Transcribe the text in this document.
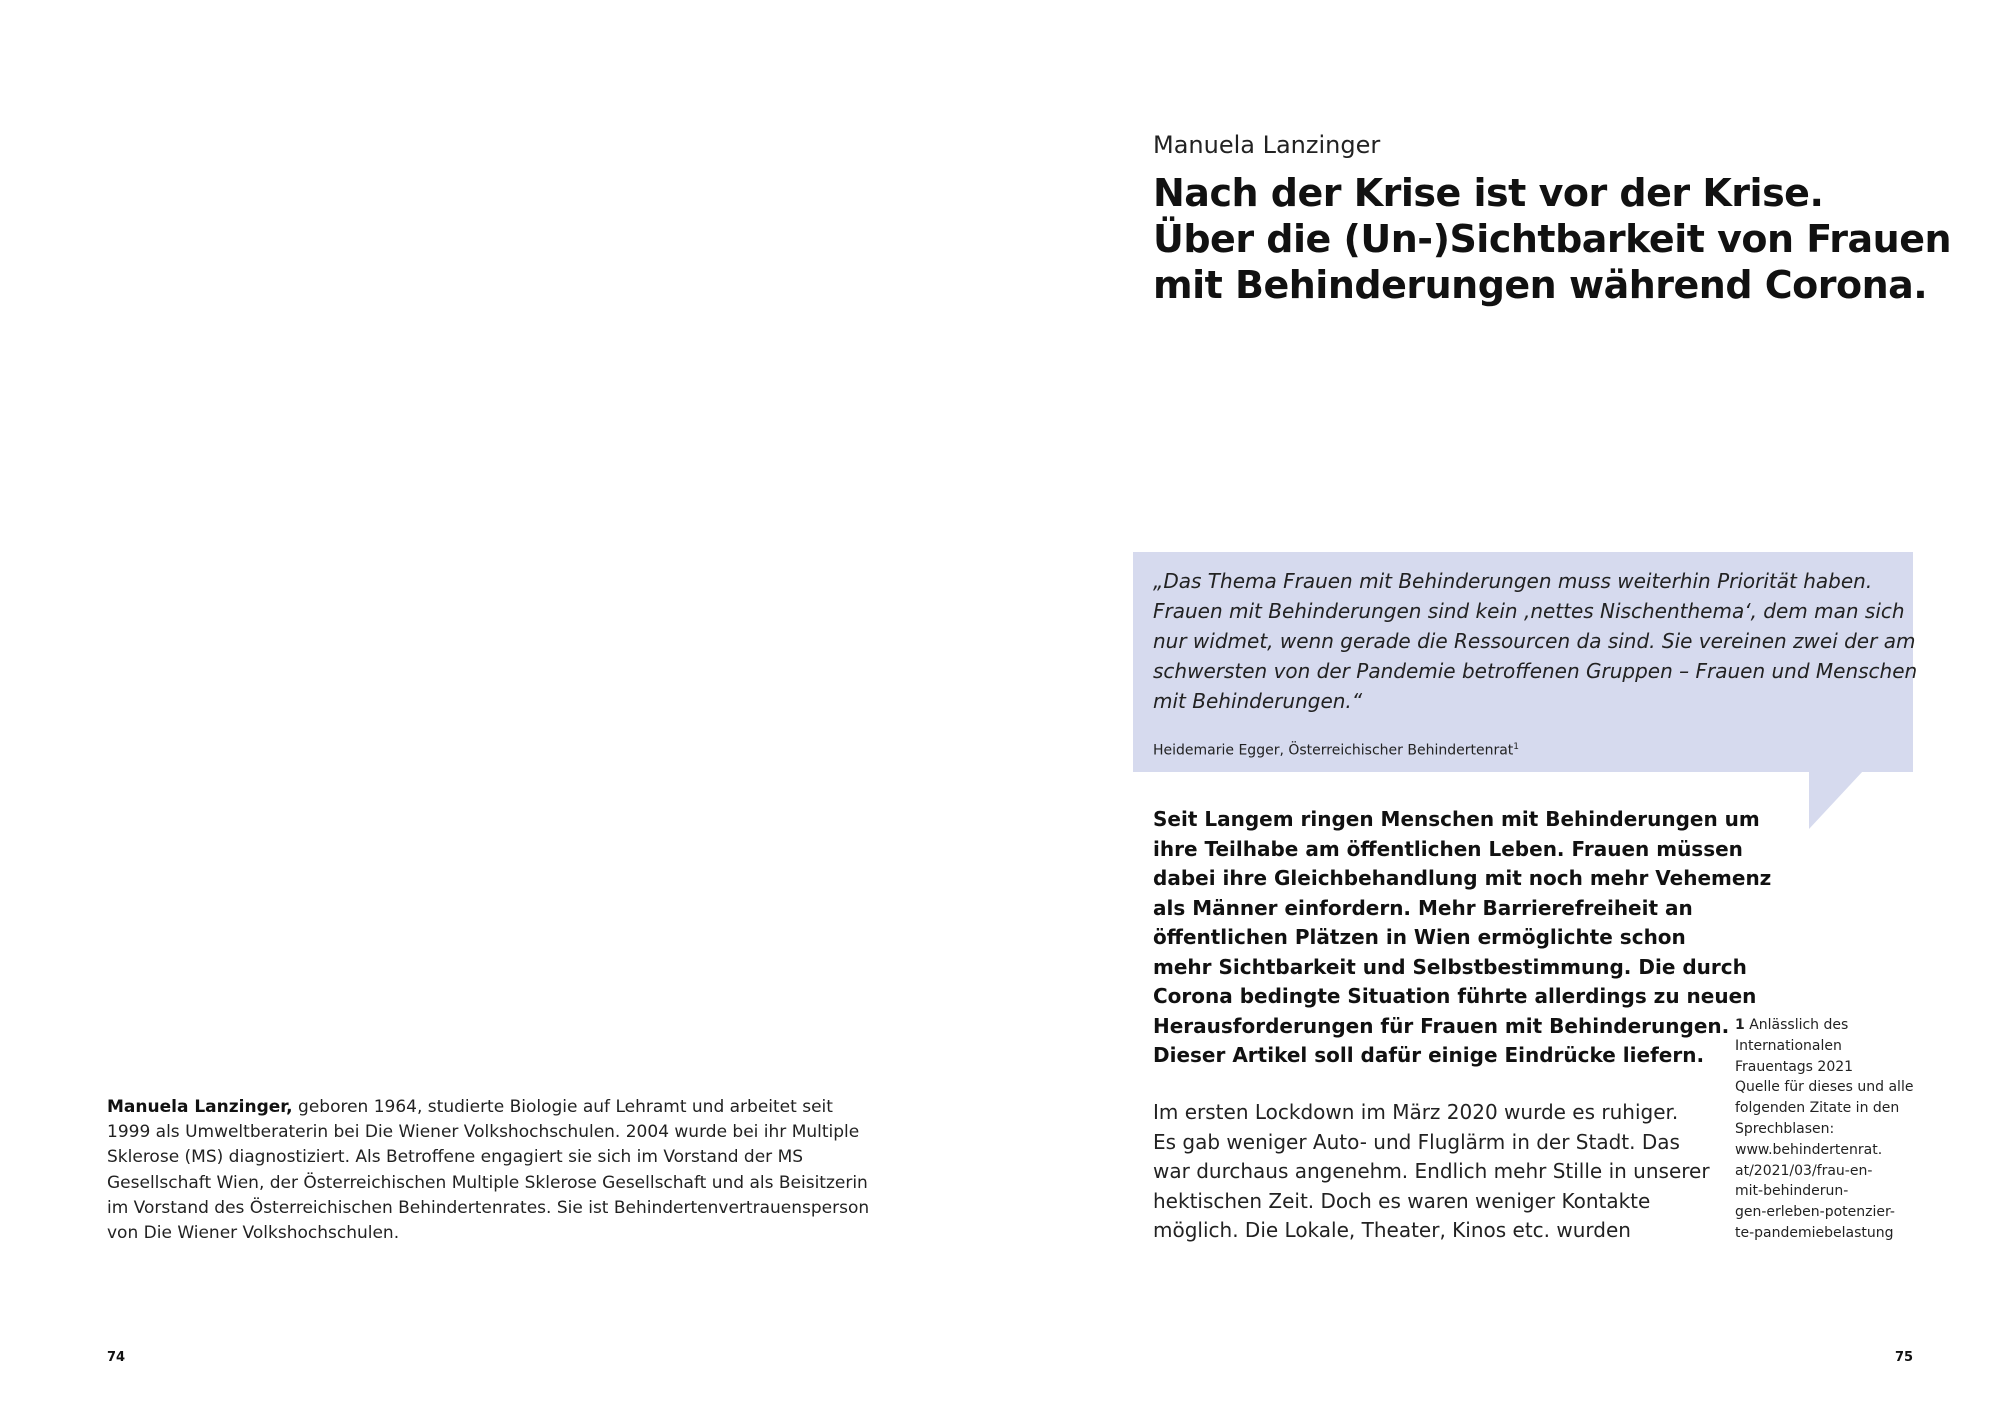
Manuela Lanzinger
Nach der Krise ist vor der Krise.
Über die (Un-)Sichtbarkeit von Frauen
mit Behinderungen während Corona.
„Das Thema Frauen mit Behinderungen muss weiterhin Priorität haben.
Frauen mit Behinderungen sind kein ‚nettes Nischenthema‘, dem man sich
nur widmet, wenn gerade die Ressourcen da sind. Sie vereinen zwei der am
schwersten von der Pandemie betroffenen Gruppen – Frauen und Menschen
mit Behinderungen.“
Heidemarie Egger, Österreichischer Behindertenrat$^1$
Seit Langem ringen Menschen mit Behinderungen um
ihre Teilhabe am öffentlichen Leben. Frauen müssen
dabei ihre Gleichbehandlung mit noch mehr Vehemenz
als Männer einfordern. Mehr Barrierefreiheit an
öffentlichen Plätzen in Wien ermöglichte schon
mehr Sichtbarkeit und Selbstbestimmung. Die durch
Corona bedingte Situation führte allerdings zu neuen
Herausforderungen für Frauen mit Behinderungen.
Dieser Artikel soll dafür einige Eindrücke liefern.
Im ersten Lockdown im März 2020 wurde es ruhiger.
Es gab weniger Auto- und Fluglärm in der Stadt. Das
war durchaus angenehm. Endlich mehr Stille in unserer
hektischen Zeit. Doch es waren weniger Kontakte
möglich. Die Lokale, Theater, Kinos etc. wurden
1 Anlässlich des
Internationalen
Frauentags 2021
Quelle für dieses und alle
folgenden Zitate in den
Sprechblasen:
www.behindertenrat.
at/2021/03/frau-en-
mit-behinderun-
gen-erleben-potenzier-
te-pandemiebelastung
Manuela Lanzinger, geboren 1964, studierte Biologie auf Lehramt und arbeitet seit
1999 als Umweltberaterin bei Die Wiener Volkshochschulen. 2004 wurde bei ihr Multiple
Sklerose (MS) diagnostiziert. Als Betroffene engagiert sie sich im Vorstand der MS
Gesellschaft Wien, der Österreichischen Multiple Sklerose Gesellschaft und als Beisitzerin
im Vorstand des Österreichischen Behindertenrates. Sie ist Behindertenvertrauensperson
von Die Wiener Volkshochschulen.
74	75
